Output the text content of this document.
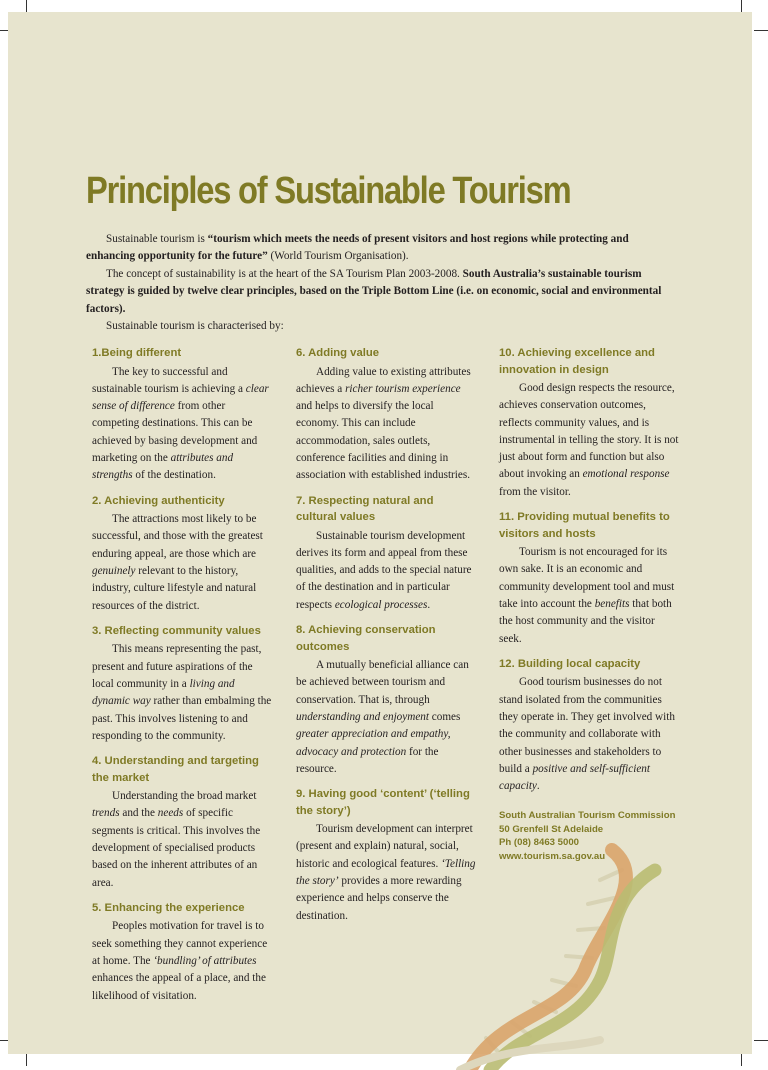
Principles of Sustainable Tourism

Sustainable tourism is “tourism which meets the needs of present visitors and host regions while protecting and enhancing opportunity for the future” (World Tourism Organisation).

The concept of sustainability is at the heart of the SA Tourism Plan 2003-2008. South Australia’s sustainable tourism strategy is guided by twelve clear principles, based on the Triple Bottom Line (i.e. on economic, social and environmental factors).

Sustainable tourism is characterised by:

1.Being different

The key to successful and sustainable tourism is achieving a clear sense of difference from other competing destinations. This can be achieved by basing development and marketing on the attributes and strengths of the destination.

2. Achieving authenticity

The attractions most likely to be successful, and those with the greatest enduring appeal, are those which are genuinely relevant to the history, industry, culture lifestyle and natural resources of the district.

3. Reflecting community values

This means representing the past, present and future aspirations of the local community in a living and dynamic way rather than embalming the past. This involves listening to and responding to the community.

4. Understanding and targeting the market

Understanding the broad market trends and the needs of specific segments is critical. This involves the development of specialised products based on the inherent attributes of an area.

5. Enhancing the experience

Peoples motivation for travel is to seek something they cannot experience at home. The ‘bundling’ of attributes enhances the appeal of a place, and the likelihood of visitation.

6. Adding value

Adding value to existing attributes achieves a richer tourism experience and helps to diversify the local economy. This can include accommodation, sales outlets, conference facilities and dining in association with established industries.

7. Respecting natural and cultural values

Sustainable tourism development derives its form and appeal from these qualities, and adds to the special nature of the destination and in particular respects ecological processes.

8. Achieving conservation outcomes

A mutually beneficial alliance can be achieved between tourism and conservation. That is, through understanding and enjoyment comes greater appreciation and empathy, advocacy and protection for the resource.

9. Having good ‘content’ (‘telling the story’)

Tourism development can interpret (present and explain) natural, social, historic and ecological features. ‘Telling the story’ provides a more rewarding experience and helps conserve the destination.

10. Achieving excellence and innovation in design

Good design respects the resource, achieves conservation outcomes, reflects community values, and is instrumental in telling the story. It is not just about form and function but also about invoking an emotional response from the visitor.

11. Providing mutual benefits to visitors and hosts

Tourism is not encouraged for its own sake. It is an economic and community development tool and must take into account the benefits that both the host community and the visitor seek.

12. Building local capacity

Good tourism businesses do not stand isolated from the communities they operate in. They get involved with the community and collaborate with other businesses and stakeholders to build a positive and self-sufficient capacity.

South Australian Tourism Commission
50 Grenfell St Adelaide
Ph (08) 8463 5000
www.tourism.sa.gov.au
